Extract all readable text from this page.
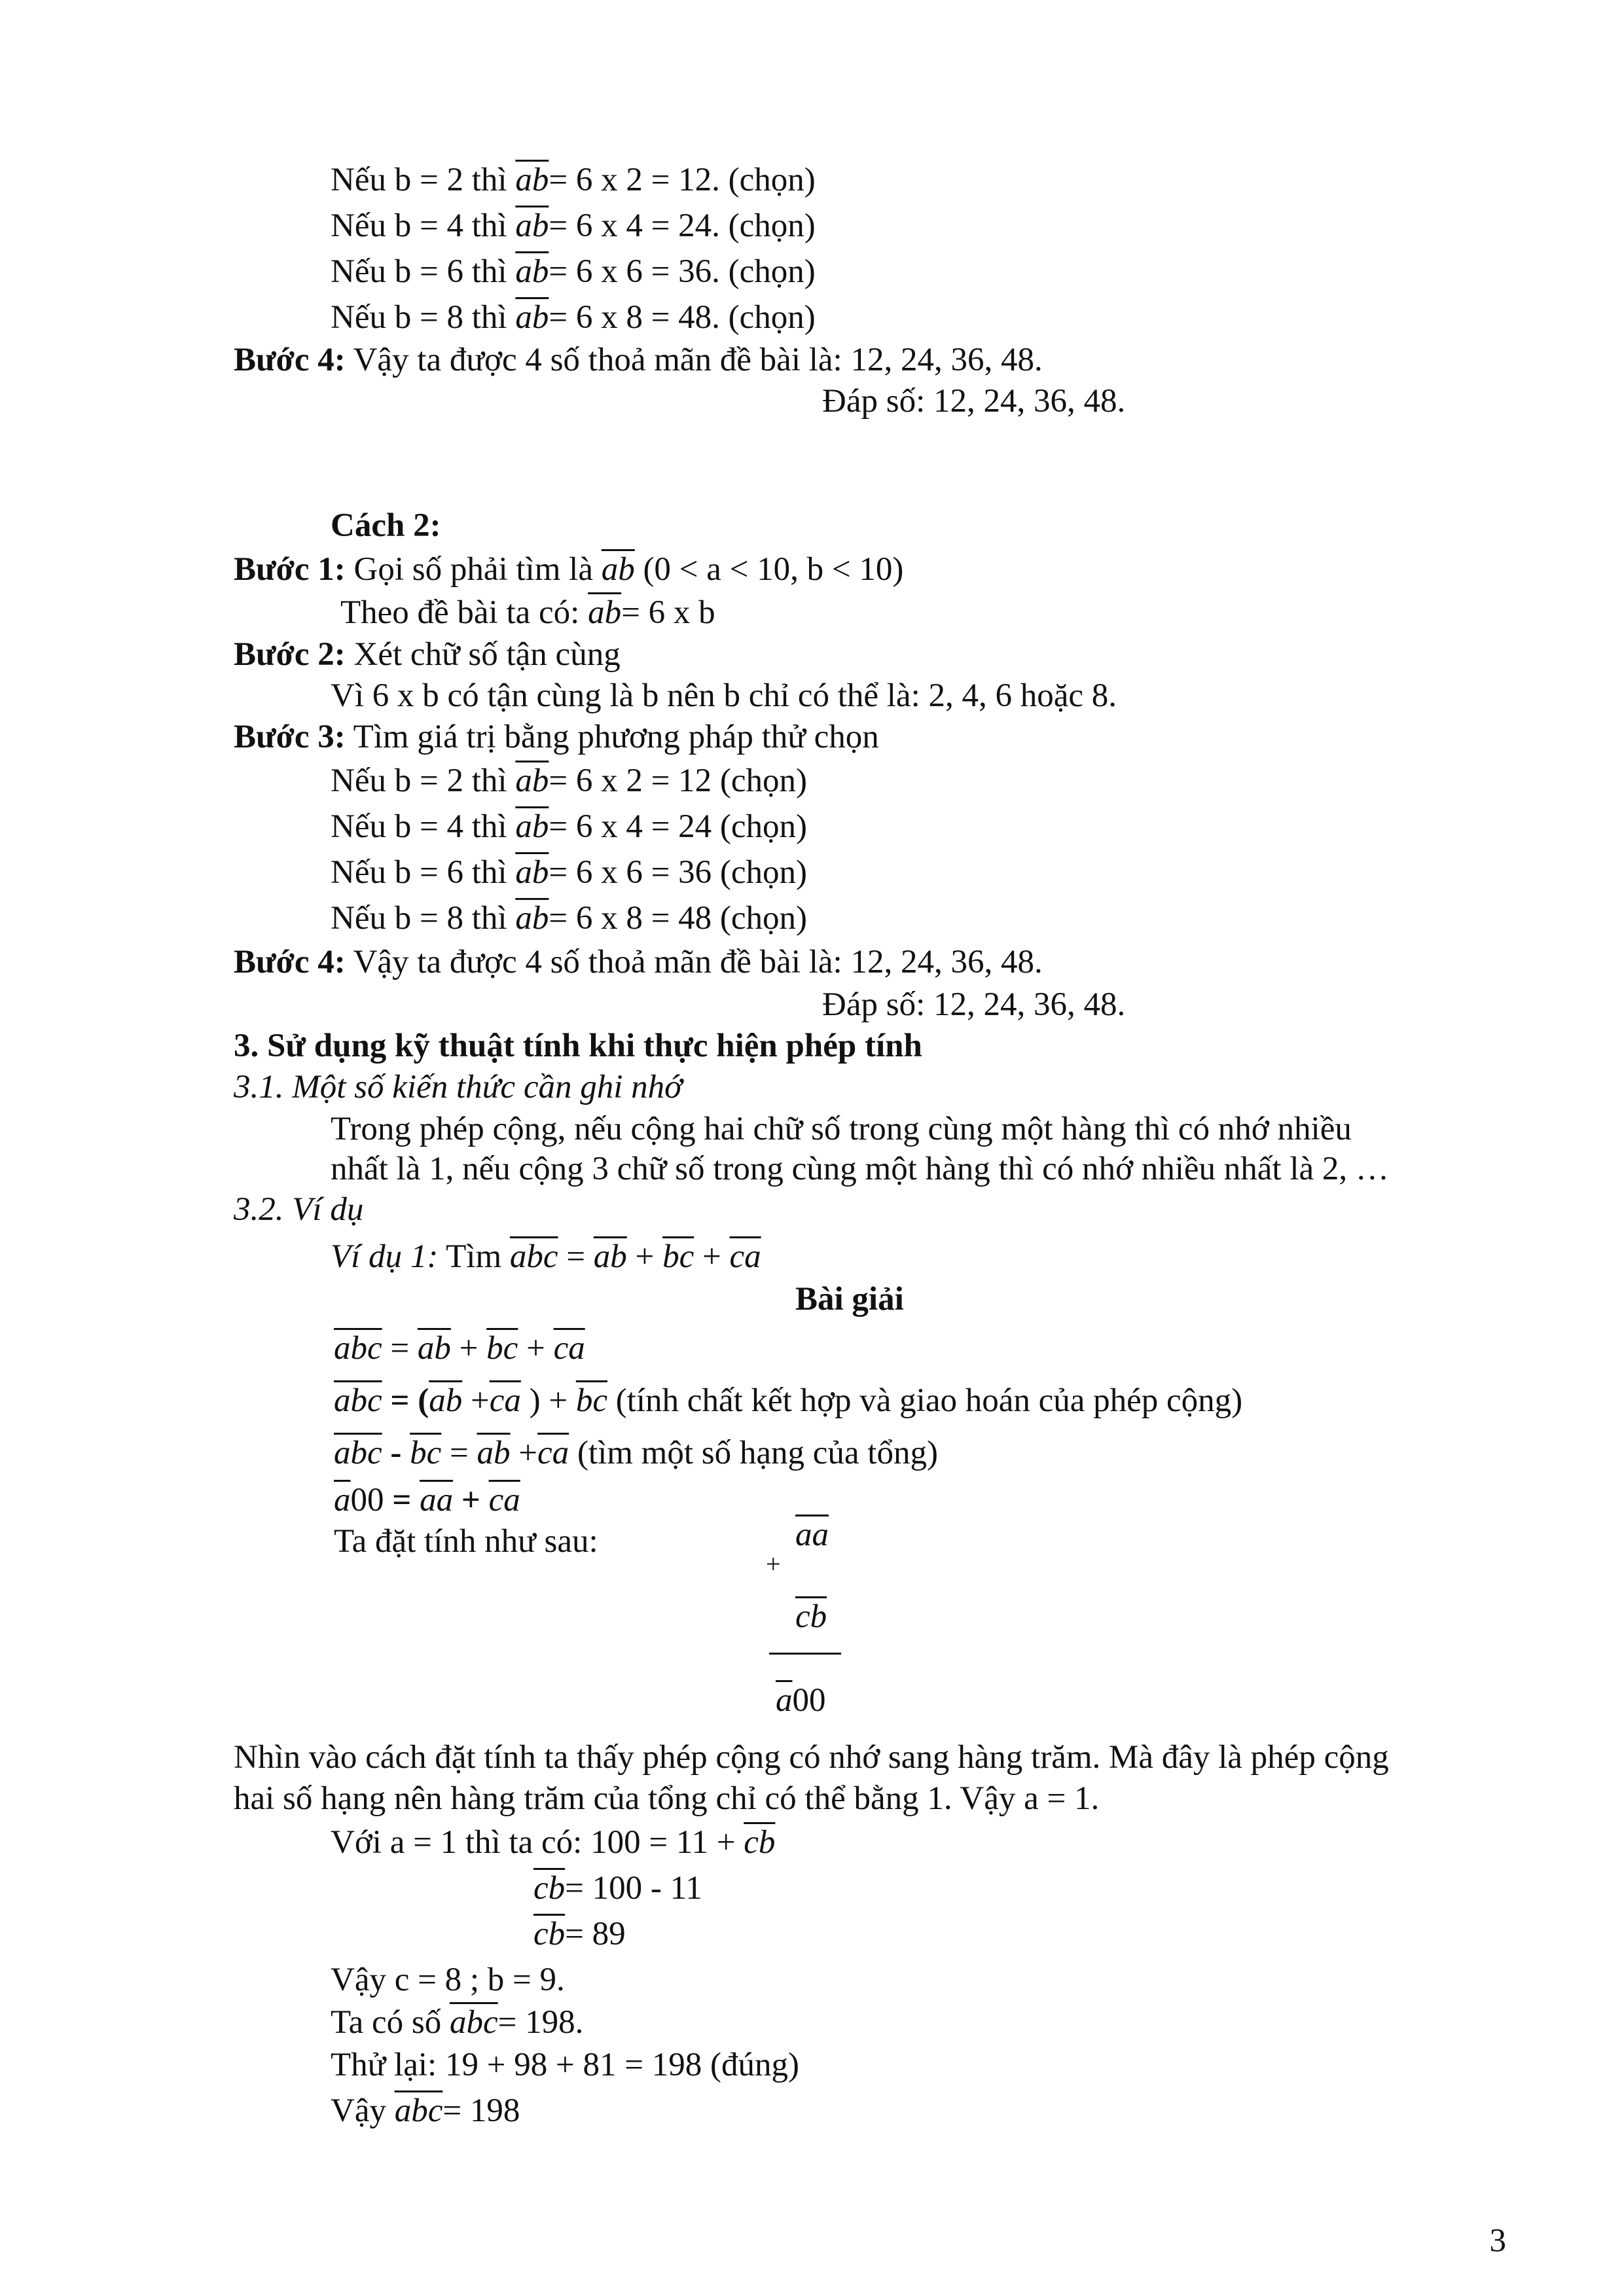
Nếu b = 2 thì $\overline{ab}= 6$ x 2 = 12. (chọn)
Nếu b = 4 thì $\overline{ab}= 6$ x 4 = 24. (chọn)
Nếu b = 6 thì $\overline{ab}= 6$ x 6 = 36. (chọn)
Nếu b = 8 thì $\overline{ab}= 6$ x 8 = 48. (chọn)
Bước 4: Vậy ta được 4 số thoả mãn đề bài là: 12, 24, 36, 48.
Đáp số: 12, 24, 36, 48.
Cách 2:
Bước 1: Gọi số phải tìm là $\overline{ab}$ (0 < a < 10, b < 10)
Theo đề bài ta có: $\overline{ab}= 6$ x b
Bước 2: Xét chữ số tận cùng
Vì 6 x b có tận cùng là b nên b chỉ có thể là: 2, 4, 6 hoặc 8.
Bước 3: Tìm giá trị bằng phương pháp thử chọn
Nếu b = 2 thì $\overline{ab}= 6$ x 2 = 12 (chọn)
Nếu b = 4 thì $\overline{ab}= 6$ x 4 = 24 (chọn)
Nếu b = 6 thì $\overline{ab}= 6$ x 6 = 36 (chọn)
Nếu b = 8 thì $\overline{ab}= 6$ x 8 = 48 (chọn)
Bước 4: Vậy ta được 4 số thoả mãn đề bài là: 12, 24, 36, 48.
Đáp số: 12, 24, 36, 48.
3. Sử dụng kỹ thuật tính khi thực hiện phép tính
3.1. Một số kiến thức cần ghi nhớ
Trong phép cộng, nếu cộng hai chữ số trong cùng một hàng thì có nhớ nhiều
nhất là 1, nếu cộng 3 chữ số trong cùng một hàng thì có nhớ nhiều nhất là 2, …
3.2. Ví dụ
Ví dụ 1: Tìm $\overline{abc} = \overline{ab} + \overline{bc} + \overline{ca}$
Bài giải
$\overline{abc} = \overline{ab} + \overline{bc} + \overline{ca}$
$\overline{abc} = (\overline{ab} +\overline{ca}$ ) + $\overline{bc}$ (tính chất kết hợp và giao hoán của phép cộng)
$\overline{abc} - \overline{bc} = \overline{ab} +\overline{ca}$ (tìm một số hạng của tổng)
$\overline{a}00 = \overline{aa} + \overline{ca}$
Ta đặt tính như sau:	$\overline{aa}$
+
$\overline{cb}$
$\overline{a}00$
Nhìn vào cách đặt tính ta thấy phép cộng có nhớ sang hàng trăm. Mà đây là phép cộng
hai số hạng nên hàng trăm của tổng chỉ có thể bằng 1. Vậy a = 1.
Với a = 1 thì ta có: $100 = 11 + \overline{cb}$
$\overline{cb}= 100 - 11$
$\overline{cb}= 89$
Vậy c = 8 ; b = 9.
Ta có số $\overline{abc}= 198$.
Thử lại: 19 + 98 + 81 = 198 (đúng)
Vậy $\overline{abc}= 198$
3
